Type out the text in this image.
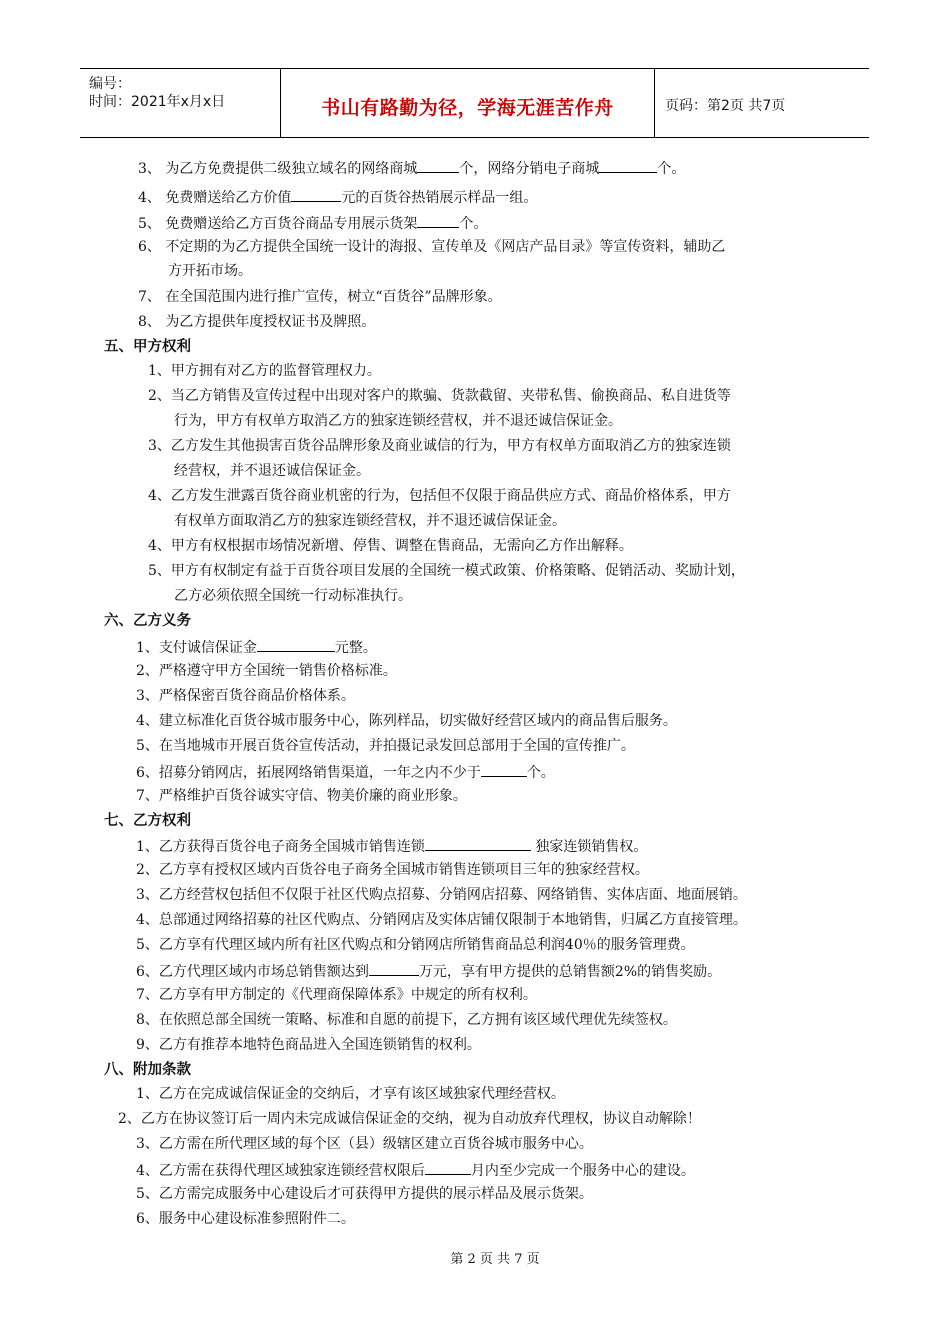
编号：
时间：2021年x月x日	书山有路勤为径，学海无涯苦作舟	页码：第2页 共7页
3、 为乙方免费提供二级独立域名的网络商城	个，网络分销电子商城	个。
4、 免费赠送给乙方价值	元的百货谷热销展示样品一组。
5、 免费赠送给乙方百货谷商品专用展示货架	个。
6、 不定期的为乙方提供全国统一设计的海报、宣传单及《网店产品目录》等宣传资料，辅助乙
方开拓市场。
7、 在全国范围内进行推广宣传，树立“百货谷”品牌形象。
8、 为乙方提供年度授权证书及牌照。
五、甲方权利
1、甲方拥有对乙方的监督管理权力。
2、当乙方销售及宣传过程中出现对客户的欺骗、货款截留、夹带私售、偷换商品、私自进货等
行为，甲方有权单方取消乙方的独家连锁经营权，并不退还诚信保证金。
3、乙方发生其他损害百货谷品牌形象及商业诚信的行为，甲方有权单方面取消乙方的独家连锁
经营权，并不退还诚信保证金。
4、乙方发生泄露百货谷商业机密的行为，包括但不仅限于商品供应方式、商品价格体系，甲方
有权单方面取消乙方的独家连锁经营权，并不退还诚信保证金。
4、甲方有权根据市场情况新增、停售、调整在售商品，无需向乙方作出解释。
5、甲方有权制定有益于百货谷项目发展的全国统一模式政策、价格策略、促销活动、奖励计划，
乙方必须依照全国统一行动标准执行。
六、乙方义务
1、支付诚信保证金	元整。
2、严格遵守甲方全国统一销售价格标准。
3、严格保密百货谷商品价格体系。
4、建立标准化百货谷城市服务中心，陈列样品，切实做好经营区域内的商品售后服务。
5、在当地城市开展百货谷宣传活动，并拍摄记录发回总部用于全国的宣传推广。
6、招募分销网店，拓展网络销售渠道，一年之内不少于	个。
7、严格维护百货谷诚实守信、物美价廉的商业形象。
七、乙方权利
1、乙方获得百货谷电子商务全国城市销售连锁	独家连锁销售权。
2、乙方享有授权区域内百货谷电子商务全国城市销售连锁项目三年的独家经营权。
3、乙方经营权包括但不仅限于社区代购点招募、分销网店招募、网络销售、实体店面、地面展销。
4、总部通过网络招募的社区代购点、分销网店及实体店铺仅限制于本地销售，归属乙方直接管理。
5、乙方享有代理区域内所有社区代购点和分销网店所销售商品总利润40％的服务管理费。
6、乙方代理区域内市场总销售额达到	万元，享有甲方提供的总销售额2%的销售奖励。
7、乙方享有甲方制定的《代理商保障体系》中规定的所有权利。
8、在依照总部全国统一策略、标准和自愿的前提下，乙方拥有该区域代理优先续签权。
9、乙方有推荐本地特色商品进入全国连锁销售的权利。
八、附加条款
1、乙方在完成诚信保证金的交纳后，才享有该区域独家代理经营权。
2、乙方在协议签订后一周内未完成诚信保证金的交纳，视为自动放弃代理权，协议自动解除！
3、乙方需在所代理区域的每个区（县）级辖区建立百货谷城市服务中心。
4、乙方需在获得代理区域独家连锁经营权限后	月内至少完成一个服务中心的建设。
5、乙方需完成服务中心建设后才可获得甲方提供的展示样品及展示货架。
6、服务中心建设标准参照附件二。
第 2 页 共 7 页
